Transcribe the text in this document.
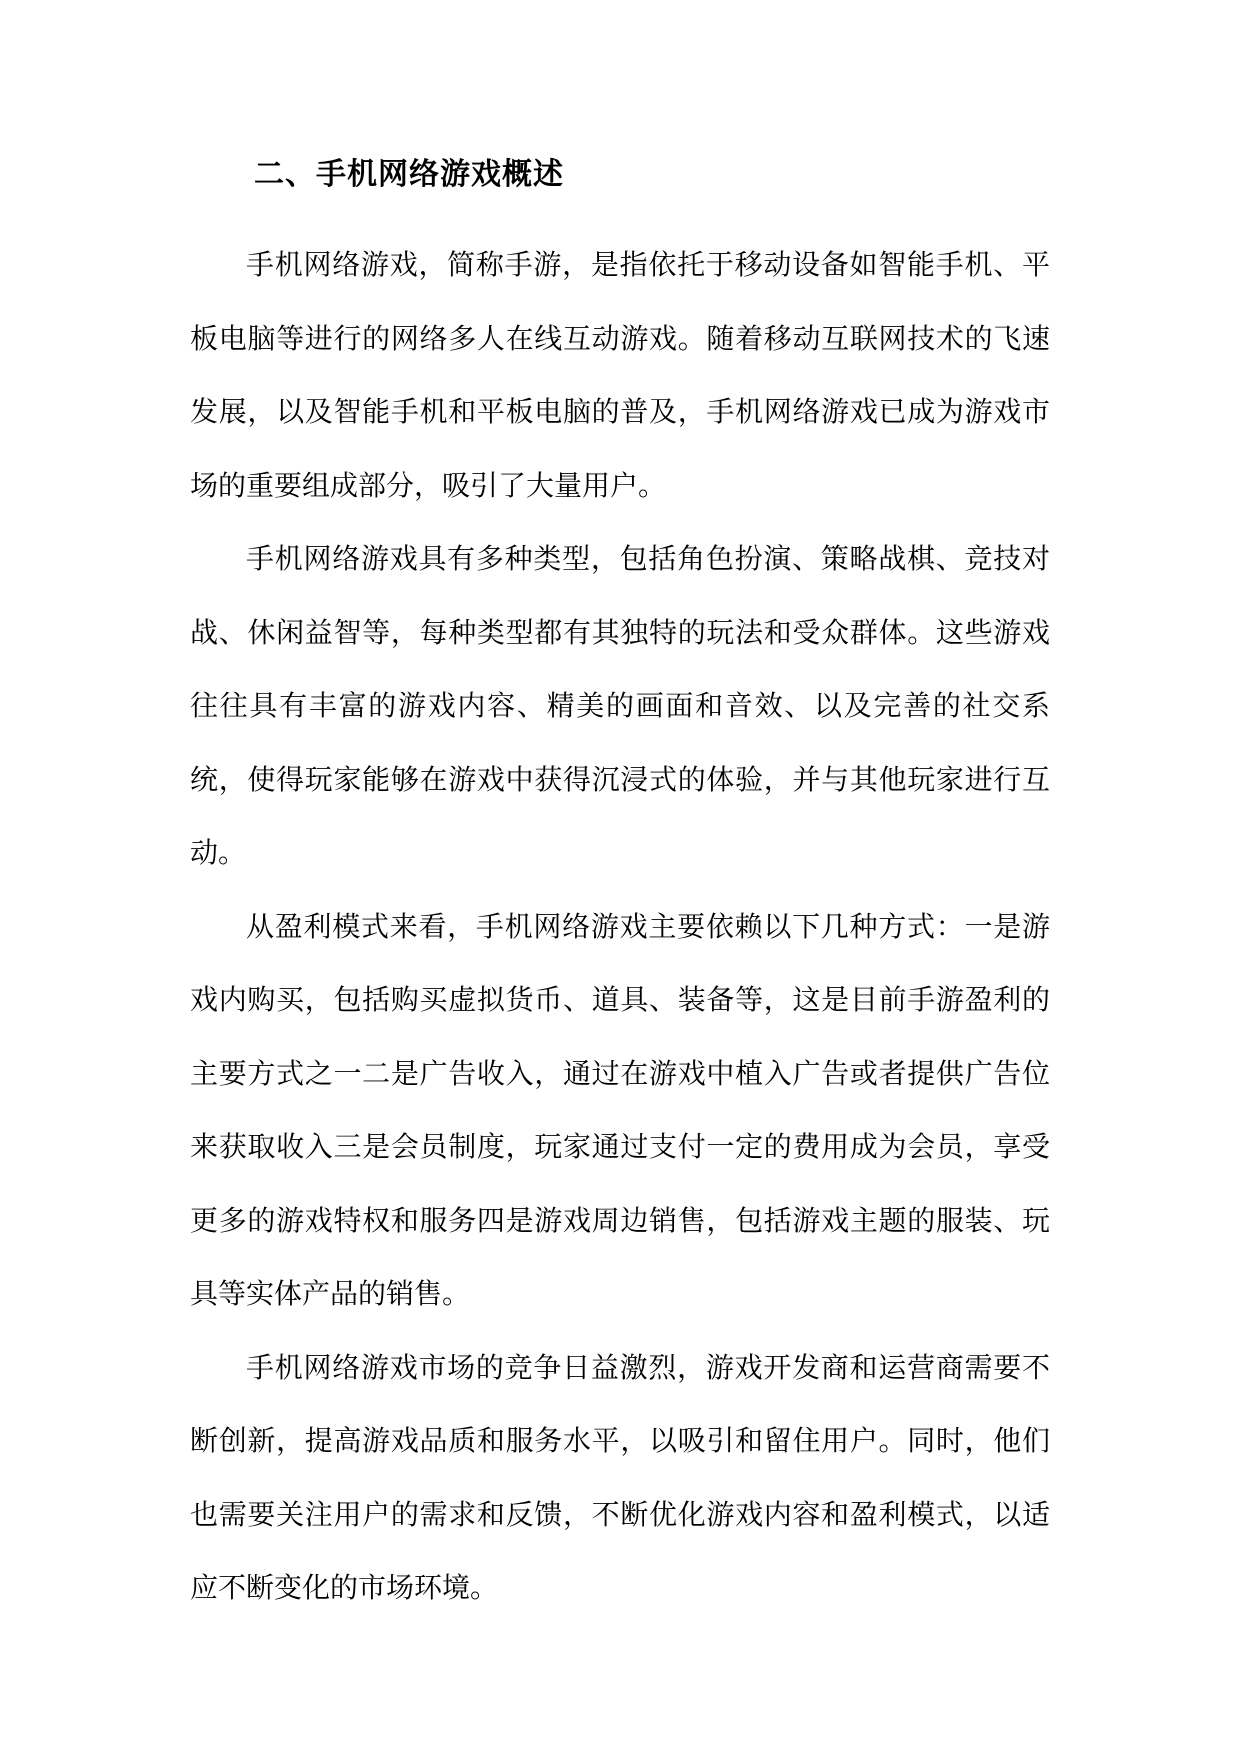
二、手机网络游戏概述

手机网络游戏，简称手游，是指依托于移动设备如智能手机、平板电脑等进行的网络多人在线互动游戏。随着移动互联网技术的飞速发展，以及智能手机和平板电脑的普及，手机网络游戏已成为游戏市场的重要组成部分，吸引了大量用户。

手机网络游戏具有多种类型，包括角色扮演、策略战棋、竞技对战、休闲益智等，每种类型都有其独特的玩法和受众群体。这些游戏往往具有丰富的游戏内容、精美的画面和音效、以及完善的社交系统，使得玩家能够在游戏中获得沉浸式的体验，并与其他玩家进行互动。

从盈利模式来看，手机网络游戏主要依赖以下几种方式：一是游戏内购买，包括购买虚拟货币、道具、装备等，这是目前手游盈利的主要方式之一二是广告收入，通过在游戏中植入广告或者提供广告位来获取收入三是会员制度，玩家通过支付一定的费用成为会员，享受更多的游戏特权和服务四是游戏周边销售，包括游戏主题的服装、玩具等实体产品的销售。

手机网络游戏市场的竞争日益激烈，游戏开发商和运营商需要不断创新，提高游戏品质和服务水平，以吸引和留住用户。同时，他们也需要关注用户的需求和反馈，不断优化游戏内容和盈利模式，以适应不断变化的市场环境。
